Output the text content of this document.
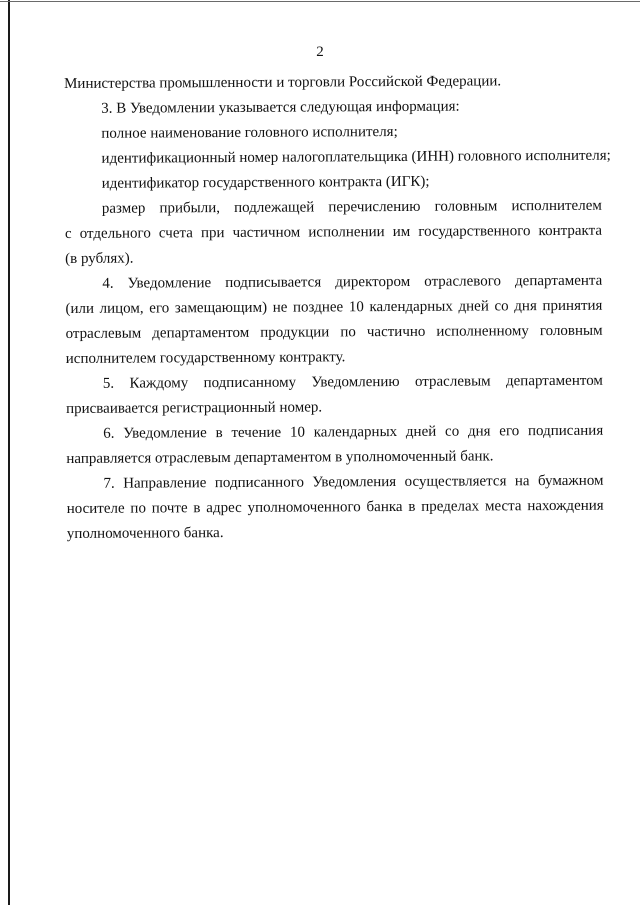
2
Министерства промышленности и торговли Российской Федерации.
3. В Уведомлении указывается следующая информация:
полное наименование головного исполнителя;
идентификационный номер налогоплательщика (ИНН) головного исполнителя;
идентификатор государственного контракта (ИГК);
размер прибыли, подлежащей перечислению головным исполнителем
с отдельного счета при частичном исполнении им государственного контракта
(в рублях).
4. Уведомление подписывается директором отраслевого департамента
(или лицом, его замещающим) не позднее 10 календарных дней со дня принятия
отраслевым департаментом продукции по частично исполненному головным
исполнителем государственному контракту.
5. Каждому подписанному Уведомлению отраслевым департаментом
присваивается регистрационный номер.
6. Уведомление в течение 10 календарных дней со дня его подписания
направляется отраслевым департаментом в уполномоченный банк.
7. Направление подписанного Уведомления осуществляется на бумажном
носителе по почте в адрес уполномоченного банка в пределах места нахождения
уполномоченного банка.
